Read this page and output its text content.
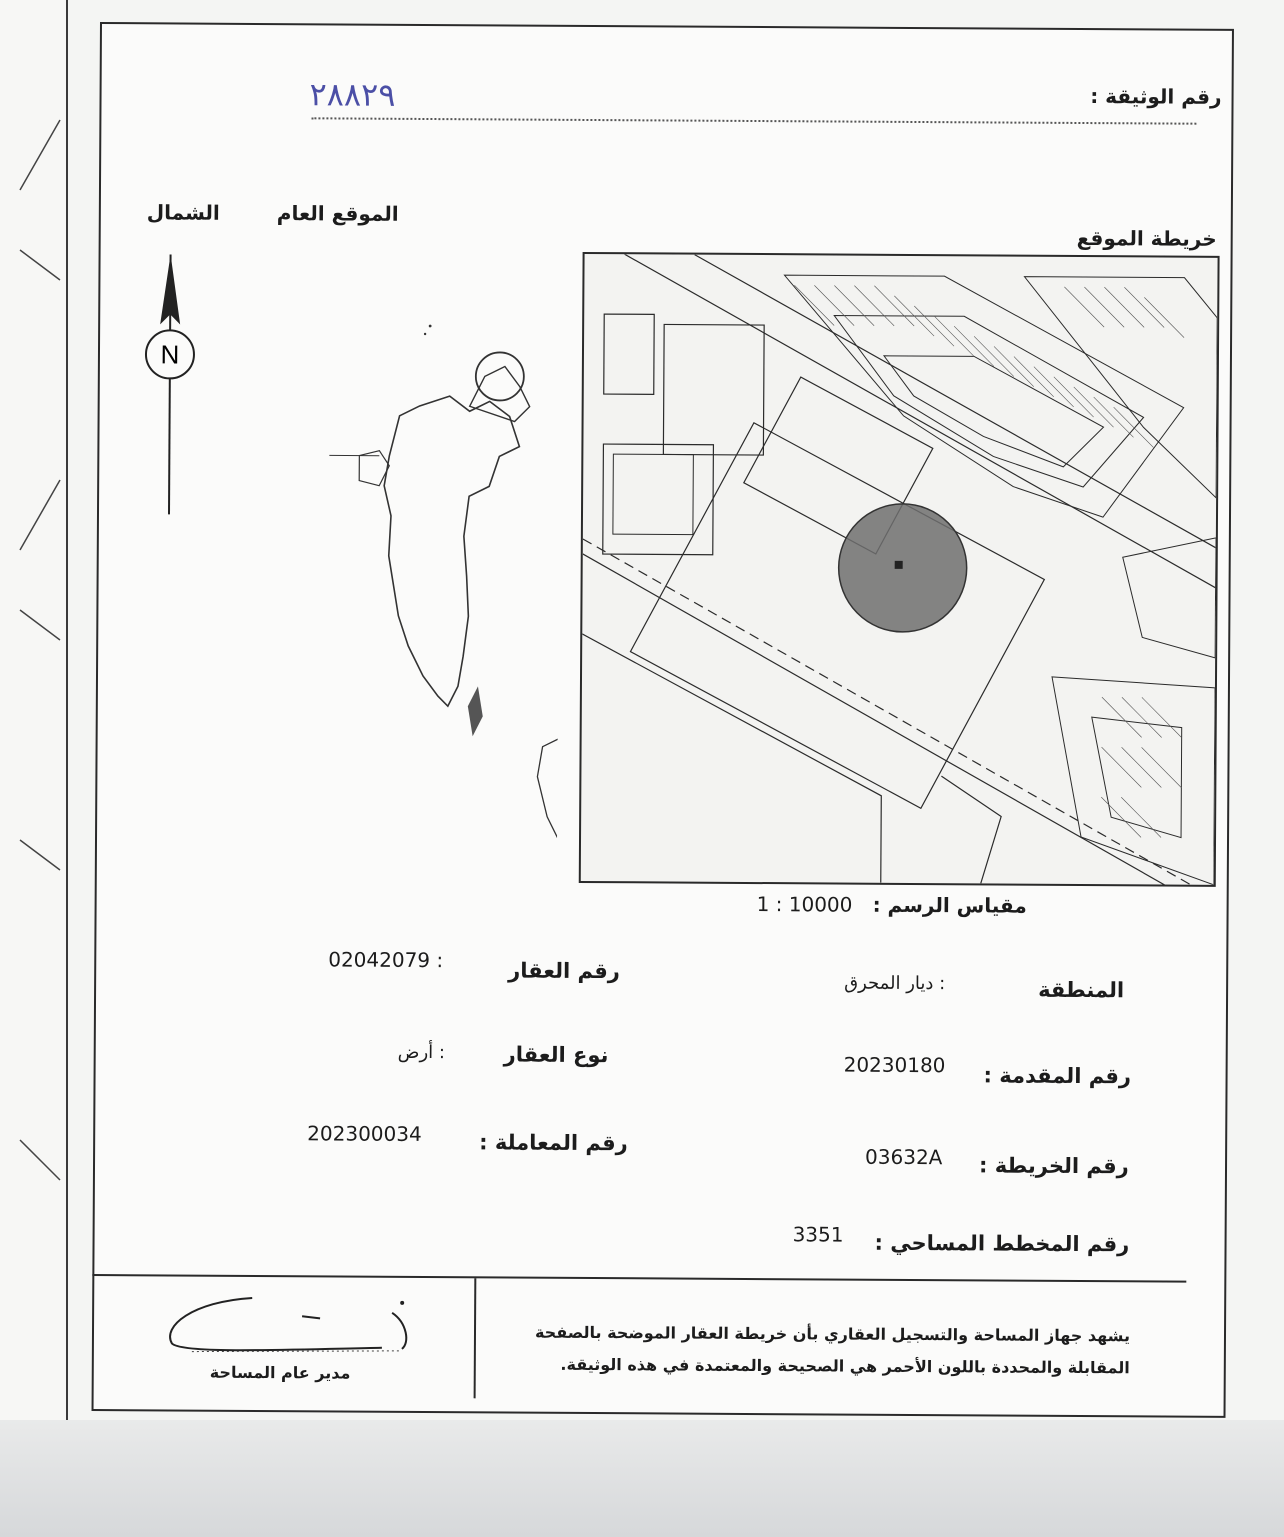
رقم الوثيقة :
٢٨٨٢٩
خريطة الموقع
الموقع العام
الشمال
N
مقياس الرسم :
1 : 10000
رقم العقار
: 02042079
المنطقة
: ديار المحرق
نوع العقار
: أرض
رقم المقدمة :
20230180
رقم المعاملة :
202300034
رقم الخريطة :
03632A
رقم المخطط المساحي :
3351
يشهد جهاز المساحة والتسجيل العقاري بأن خريطة العقار الموضحة بالصفحة
المقابلة والمحددة باللون الأحمر هي الصحيحة والمعتمدة في هذه الوثيقة.
مدير عام المساحة
